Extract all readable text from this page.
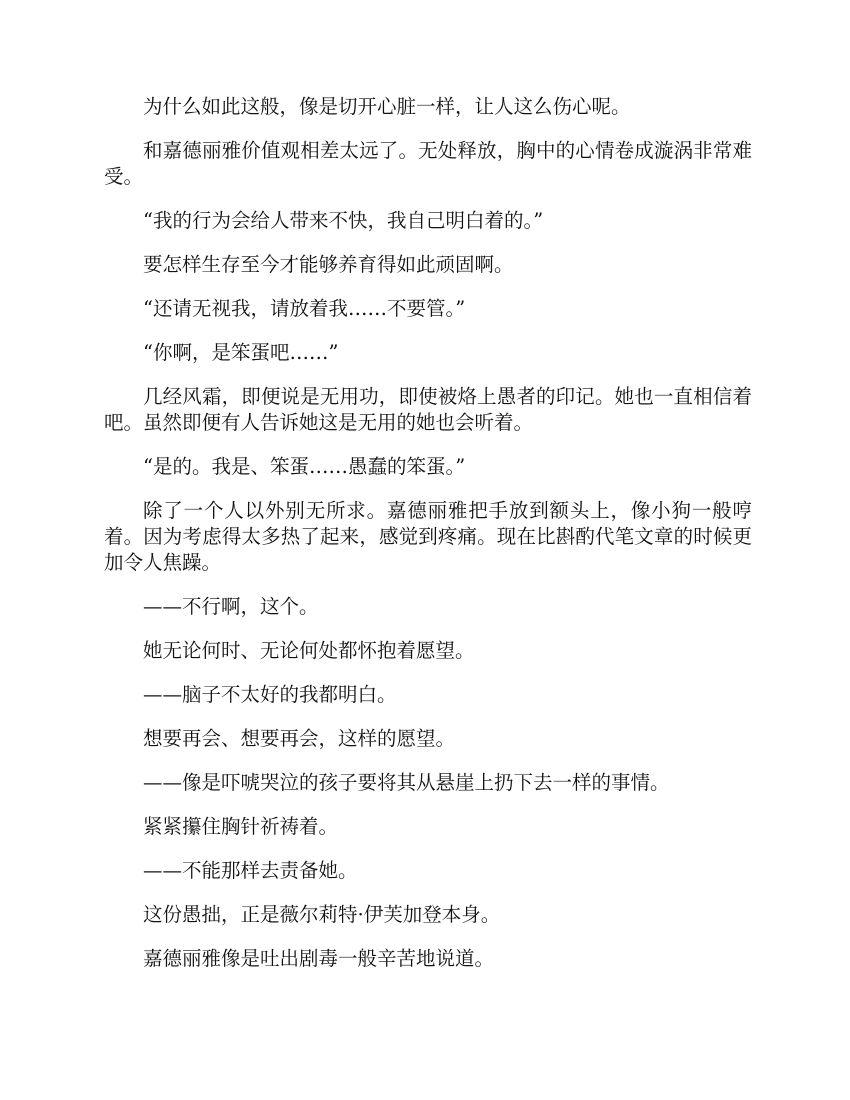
为什么如此这般，像是切开心脏一样，让人这么伤心呢。

和嘉德丽雅价值观相差太远了。无处释放，胸中的心情卷成漩涡非常难受。

“我的行为会给人带来不快，我自己明白着的。”

要怎样生存至今才能够养育得如此顽固啊。

“还请无视我，请放着我……不要管。”

“你啊，是笨蛋吧……”

几经风霜，即便说是无用功，即使被烙上愚者的印记。她也一直相信着吧。虽然即便有人告诉她这是无用的她也会听着。

“是的。我是、笨蛋……愚蠢的笨蛋。”

除了一个人以外别无所求。嘉德丽雅把手放到额头上，像小狗一般哼着。因为考虑得太多热了起来，感觉到疼痛。现在比斟酌代笔文章的时候更加令人焦躁。

——不行啊，这个。

她无论何时、无论何处都怀抱着愿望。

——脑子不太好的我都明白。

想要再会、想要再会，这样的愿望。

——像是吓唬哭泣的孩子要将其从悬崖上扔下去一样的事情。

紧紧攥住胸针祈祷着。

——不能那样去责备她。

这份愚拙，正是薇尔莉特·伊芙加登本身。

嘉德丽雅像是吐出剧毒一般辛苦地说道。
